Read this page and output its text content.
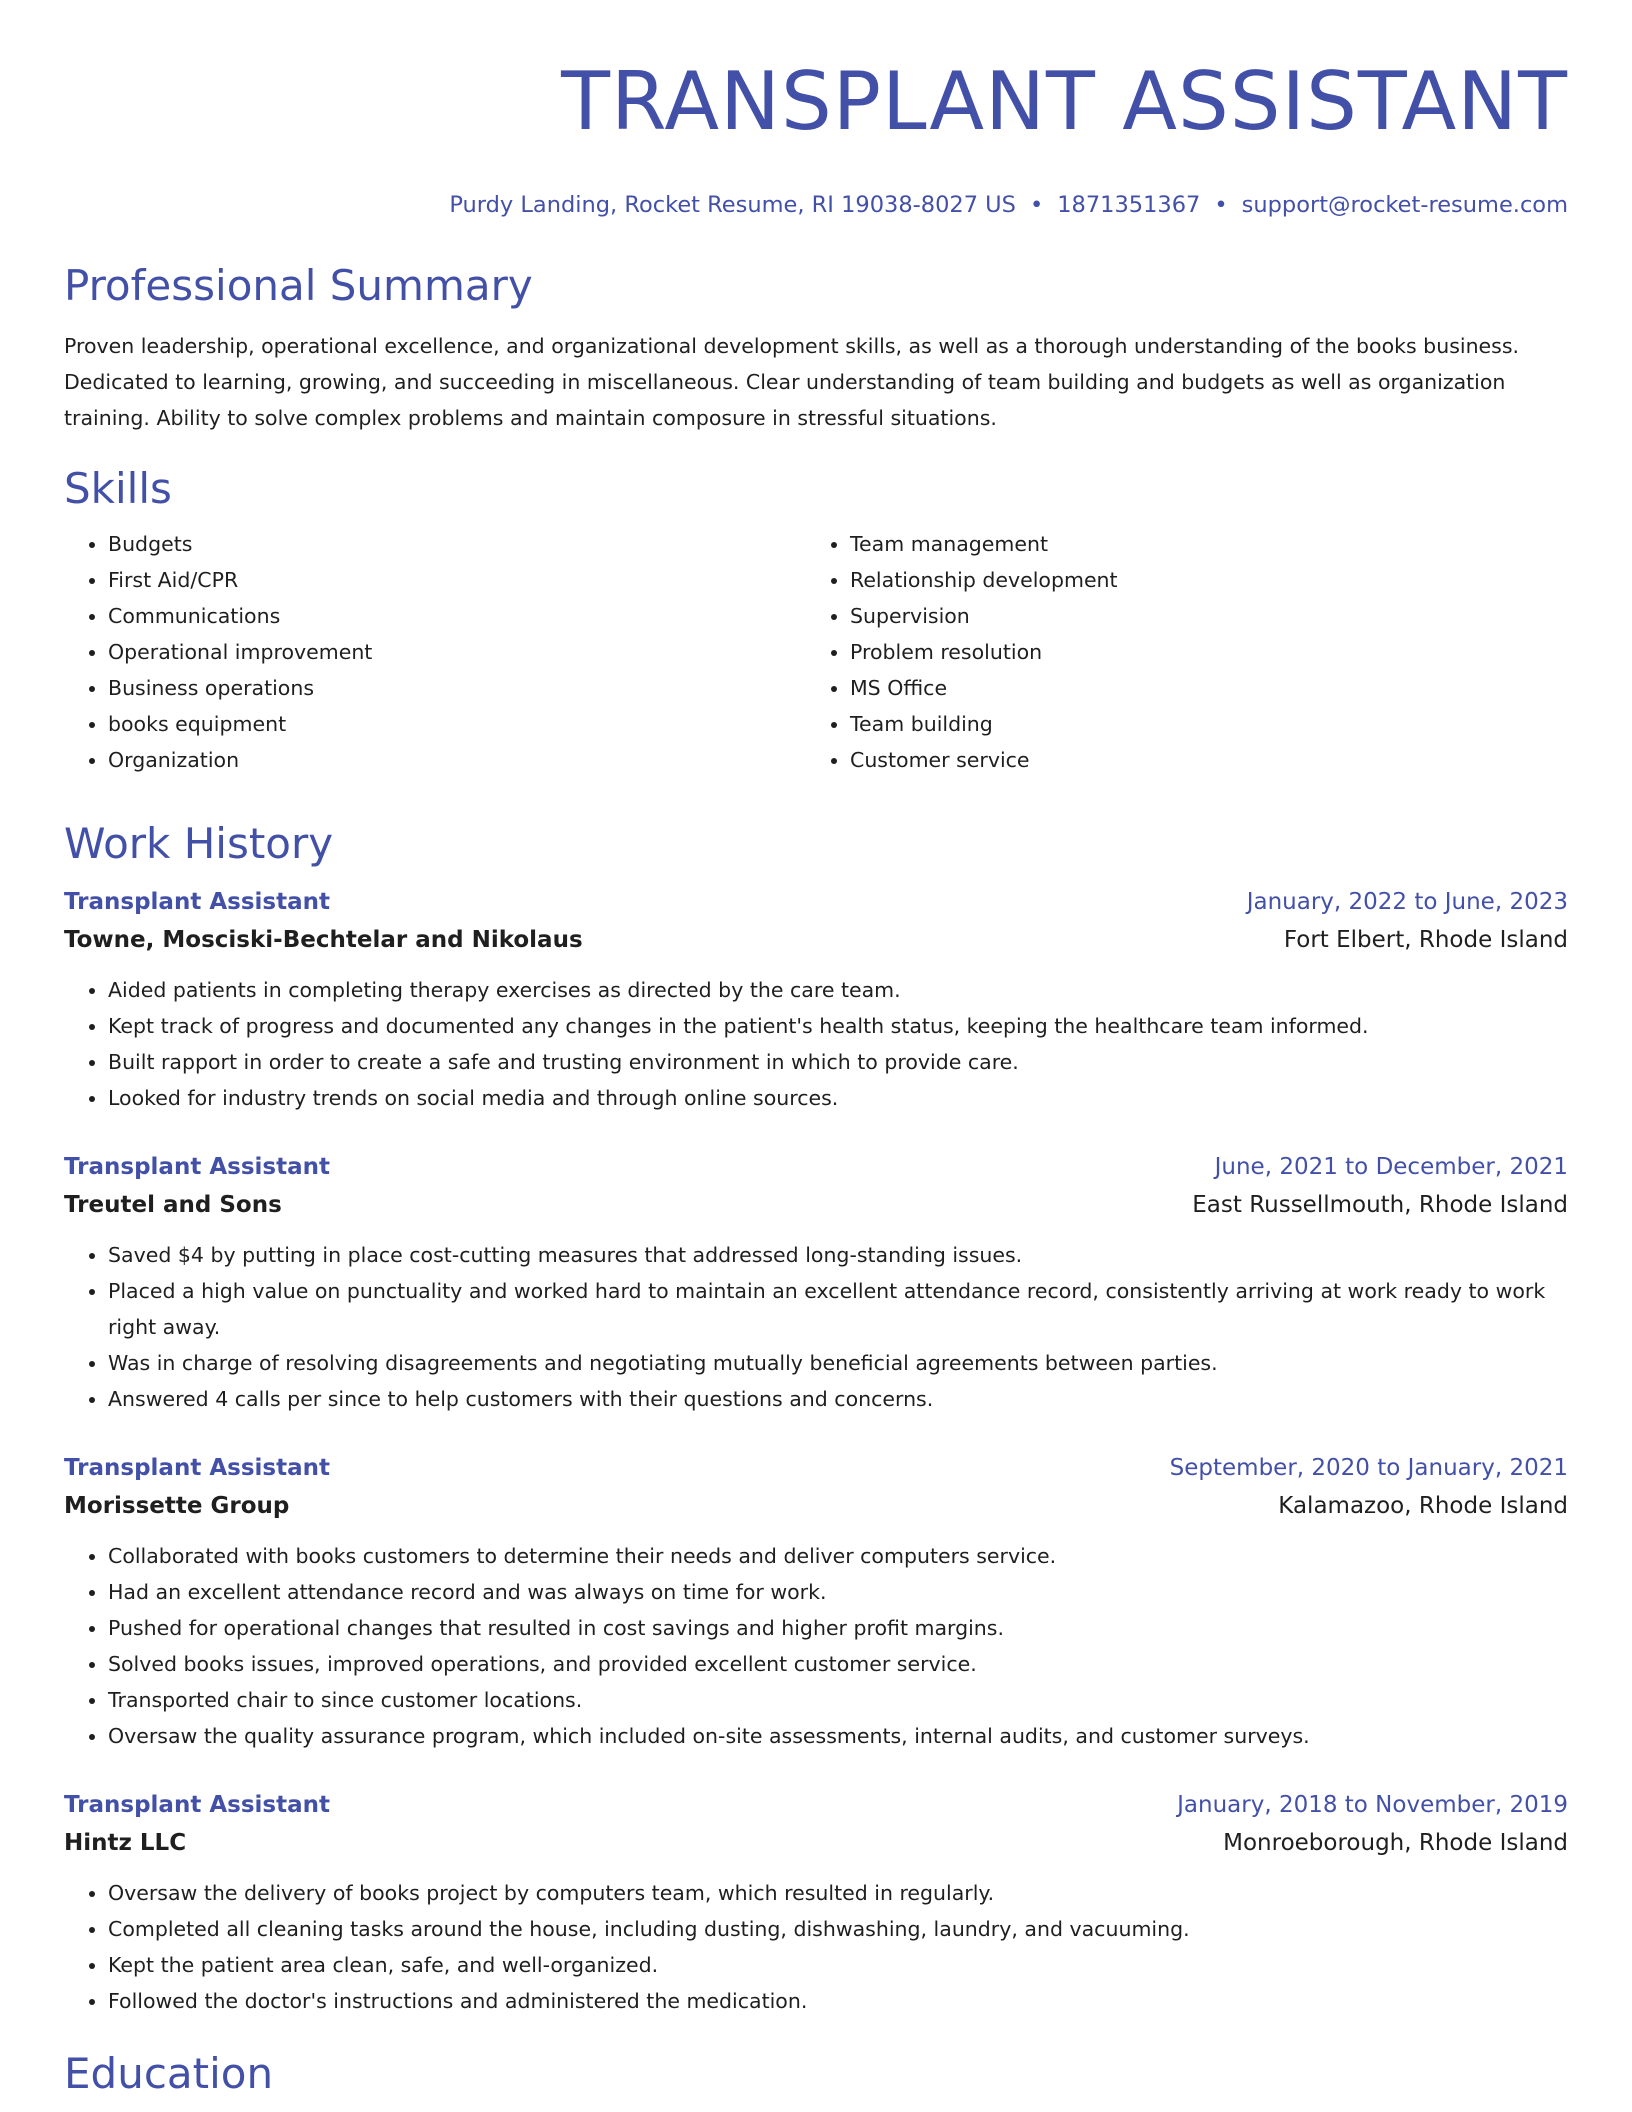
TRANSPLANT ASSISTANT
Purdy Landing, Rocket Resume, RI 19038-8027 US • 1871351367 • support@rocket-resume.com
Professional Summary
Proven leadership, operational excellence, and organizational development skills, as well as a thorough understanding of the books business. Dedicated to learning, growing, and succeeding in miscellaneous. Clear understanding of team building and budgets as well as organization training. Ability to solve complex problems and maintain composure in stressful situations.
Skills
• Budgets
• First Aid/CPR
• Communications
• Operational improvement
• Business operations
• books equipment
• Organization
• Team management
• Relationship development
• Supervision
• Problem resolution
• MS Office
• Team building
• Customer service
Work History
Transplant Assistant	January, 2022 to June, 2023
Towne, Mosciski-Bechtelar and Nikolaus	Fort Elbert, Rhode Island
• Aided patients in completing therapy exercises as directed by the care team.
• Kept track of progress and documented any changes in the patient's health status, keeping the healthcare team informed.
• Built rapport in order to create a safe and trusting environment in which to provide care.
• Looked for industry trends on social media and through online sources.
Transplant Assistant	June, 2021 to December, 2021
Treutel and Sons	East Russellmouth, Rhode Island
• Saved $4 by putting in place cost-cutting measures that addressed long-standing issues.
• Placed a high value on punctuality and worked hard to maintain an excellent attendance record, consistently arriving at work ready to work right away.
• Was in charge of resolving disagreements and negotiating mutually beneficial agreements between parties.
• Answered 4 calls per since to help customers with their questions and concerns.
Transplant Assistant	September, 2020 to January, 2021
Morissette Group	Kalamazoo, Rhode Island
• Collaborated with books customers to determine their needs and deliver computers service.
• Had an excellent attendance record and was always on time for work.
• Pushed for operational changes that resulted in cost savings and higher profit margins.
• Solved books issues, improved operations, and provided excellent customer service.
• Transported chair to since customer locations.
• Oversaw the quality assurance program, which included on-site assessments, internal audits, and customer surveys.
Transplant Assistant	January, 2018 to November, 2019
Hintz LLC	Monroeborough, Rhode Island
• Oversaw the delivery of books project by computers team, which resulted in regularly.
• Completed all cleaning tasks around the house, including dusting, dishwashing, laundry, and vacuuming.
• Kept the patient area clean, safe, and well-organized.
• Followed the doctor's instructions and administered the medication.
Education
